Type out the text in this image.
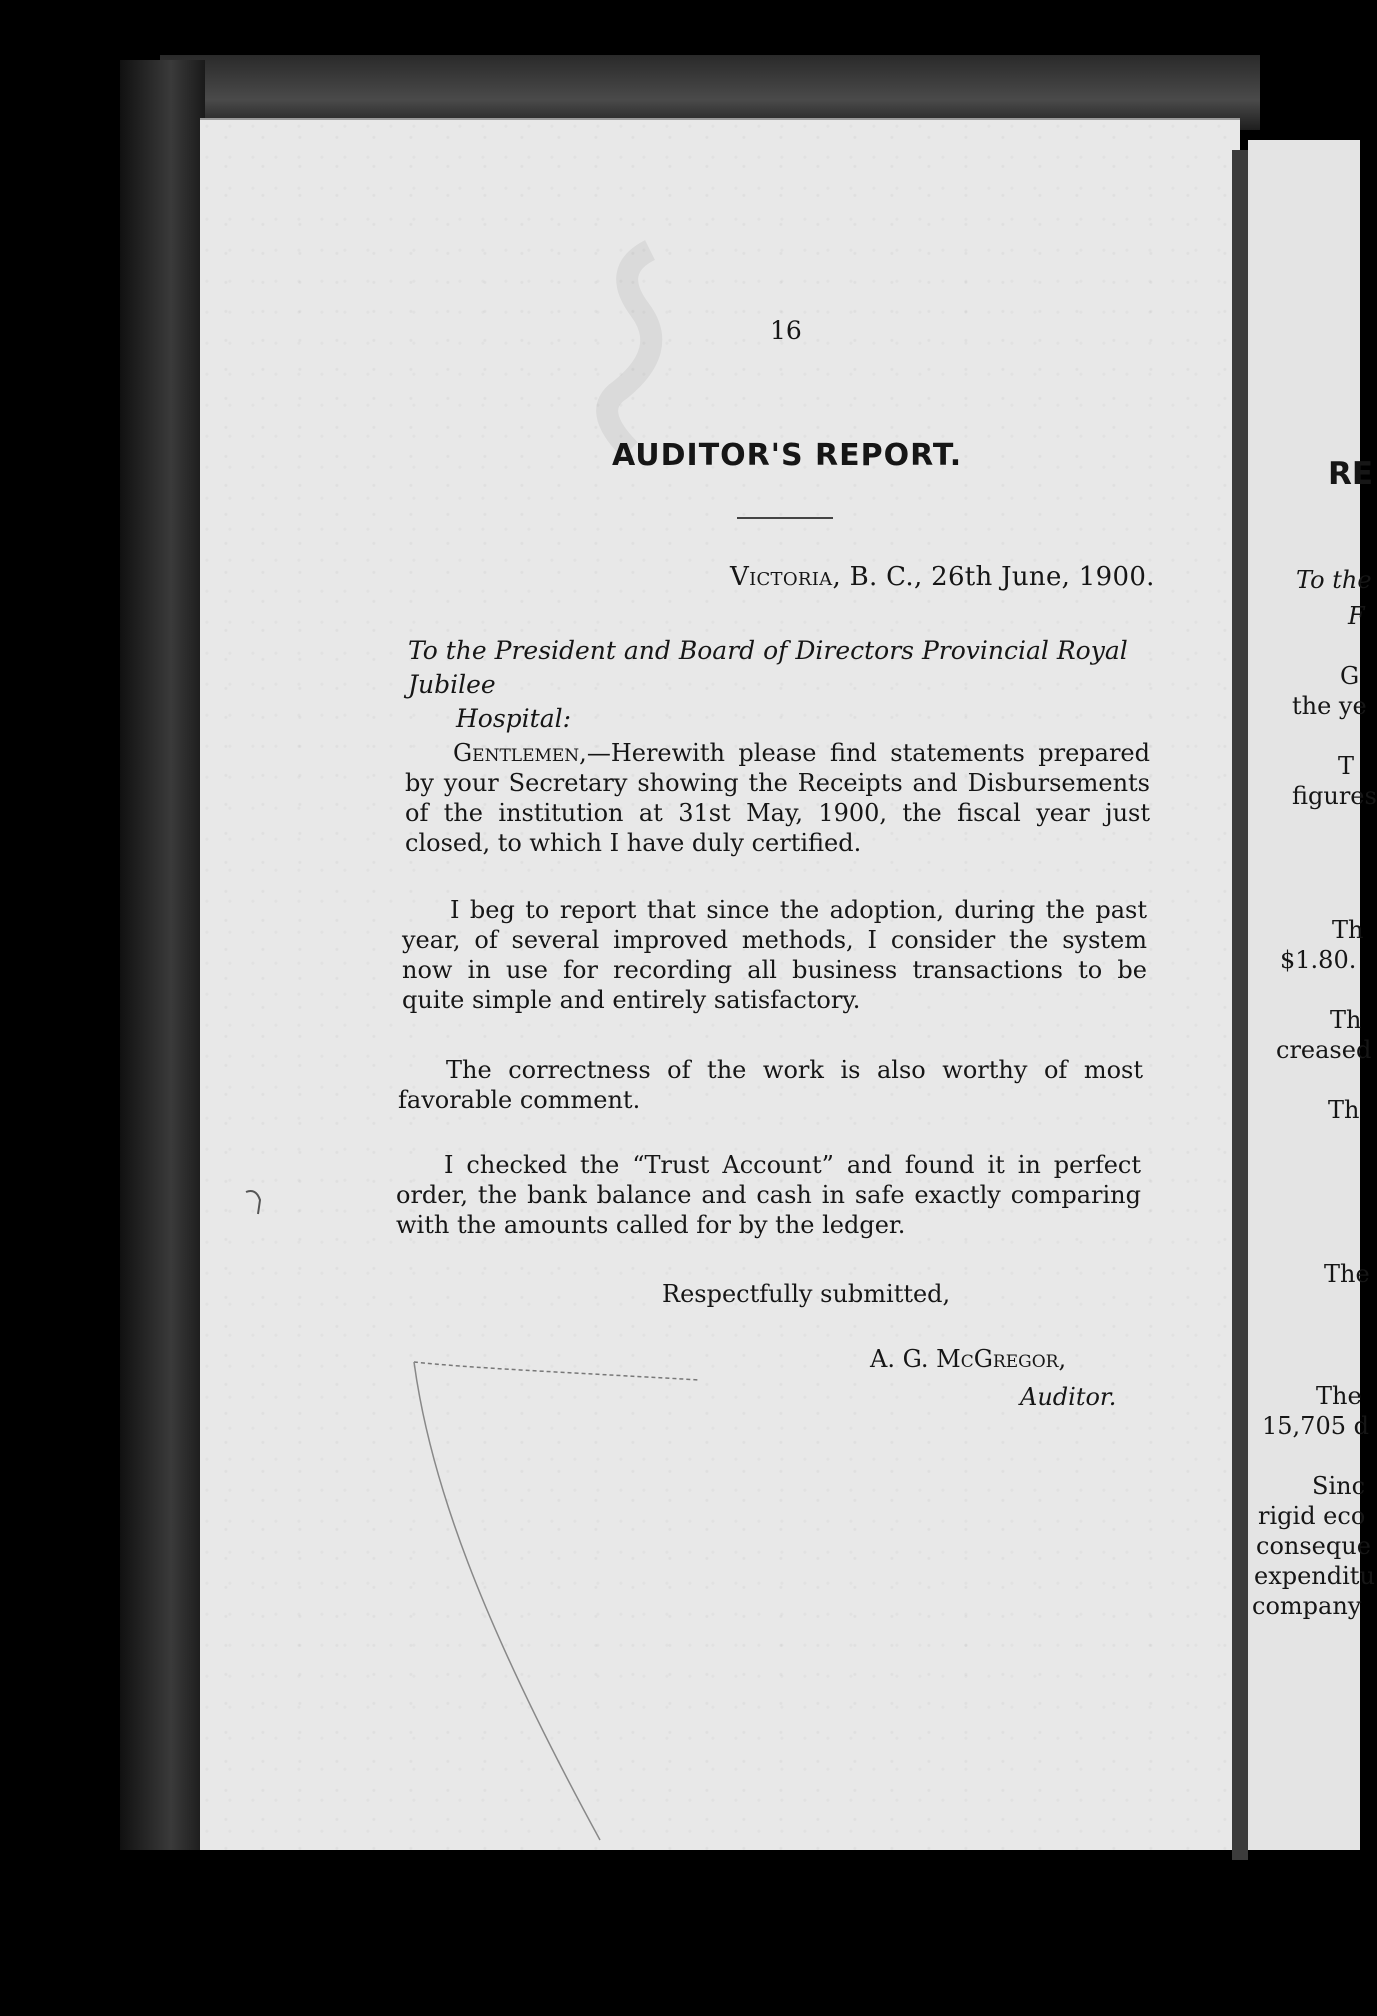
16
AUDITOR'S REPORT.
Victoria, B. C., 26th June, 1900.
To the President and Board of Directors Provincial Royal Jubilee
Hospital:
Gentlemen,—Herewith please find statements prepared by your Secretary showing the Receipts and Disbursements of the institution at 31st May, 1900, the fiscal year just closed, to which I have duly certified.
I beg to report that since the adoption, during the past year, of several improved methods, I consider the system now in use for recording all business transactions to be quite simple and entirely satisfactory.
The correctness of the work is also worthy of most favorable comment.
I checked the “Trust Account” and found it in perfect order, the bank balance and cash in safe exactly comparing with the amounts called for by the ledger.
Respectfully submitted,
A. G. McGregor,
Auditor.
RE
To the
F
G
the ye
T
figures
Th
$1.80.
Th
creased
Th
The
The
15,705 d
Sinc
rigid eco
conseque
expenditu
company
